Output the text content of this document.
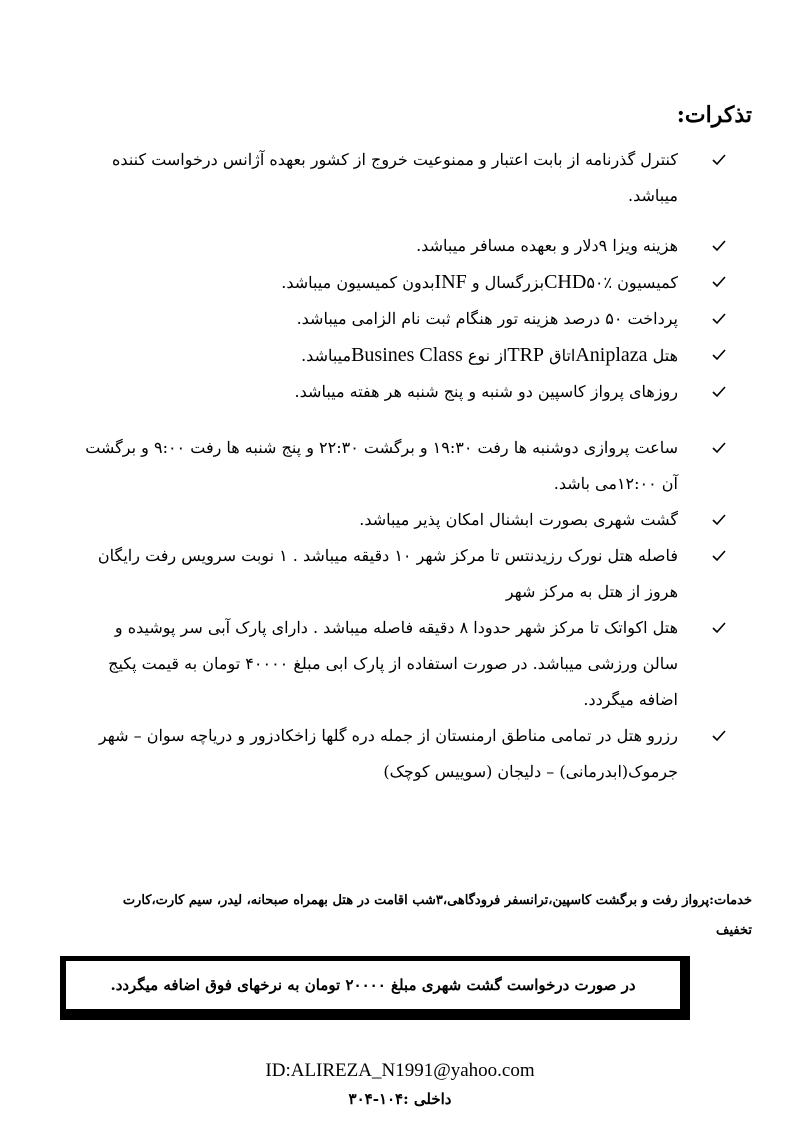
تذکرات:
کنترل گذرنامه از بابت اعتبار و ممنوعیت خروج از کشور بعهده آژانس درخواست کننده میباشد.
هزینه ویزا ۹دلار و بعهده مسافر میباشد.
کمیسیون CHD۵۰٪بزرگسال و INFبدون کمیسیون میباشد.
پرداخت ۵۰ درصد هزینه تور هنگام ثبت نام الزامی میباشد.
هتل Aniplazaاتاق TRPاز نوع Busines Classمیباشد.
روزهای پرواز کاسپین دو شنبه و پنج شنبه هر هفته میباشد.
ساعت پروازی دوشنبه ها رفت ۱۹:۳۰ و برگشت ۲۲:۳۰ و پنج شنبه ها رفت ۹:۰۰ و برگشت آن ۱۲:۰۰می باشد.
گشت شهری بصورت ابشنال امکان پذیر میباشد.
فاصله هتل نورک رزیدنتس تا مرکز شهر ۱۰ دقیقه میباشد . ۱ نوبت سرویس رفت رایگان هروز از هتل به مرکز شهر
هتل اکواتک تا مرکز شهر حدودا ۸ دقیقه فاصله میباشد . دارای پارک آبی سر پوشیده و سالن ورزشی میباشد. در صورت استفاده از پارک ابی مبلغ ۴۰۰۰۰ تومان به قیمت پکیج اضافه میگردد.
رزرو هتل در تمامی مناطق ارمنستان از جمله دره گلها زاخکادزور و دریاچه سوان – شهر جرموک(ابدرمانی) – دلیجان (سوییس کوچک)
خدمات:پرواز رفت و برگشت کاسپین،ترانسفر فرودگاهی،۳شب اقامت در هتل بهمراه صبحانه، لیدر، سیم کارت،کارت تخفیف
در صورت درخواست گشت شهری مبلغ ۲۰۰۰۰ تومان به نرخهای فوق اضافه میگردد.
ID:ALIREZA_N1991@yahoo.com
داخلی :۱۰۴-۳۰۴
